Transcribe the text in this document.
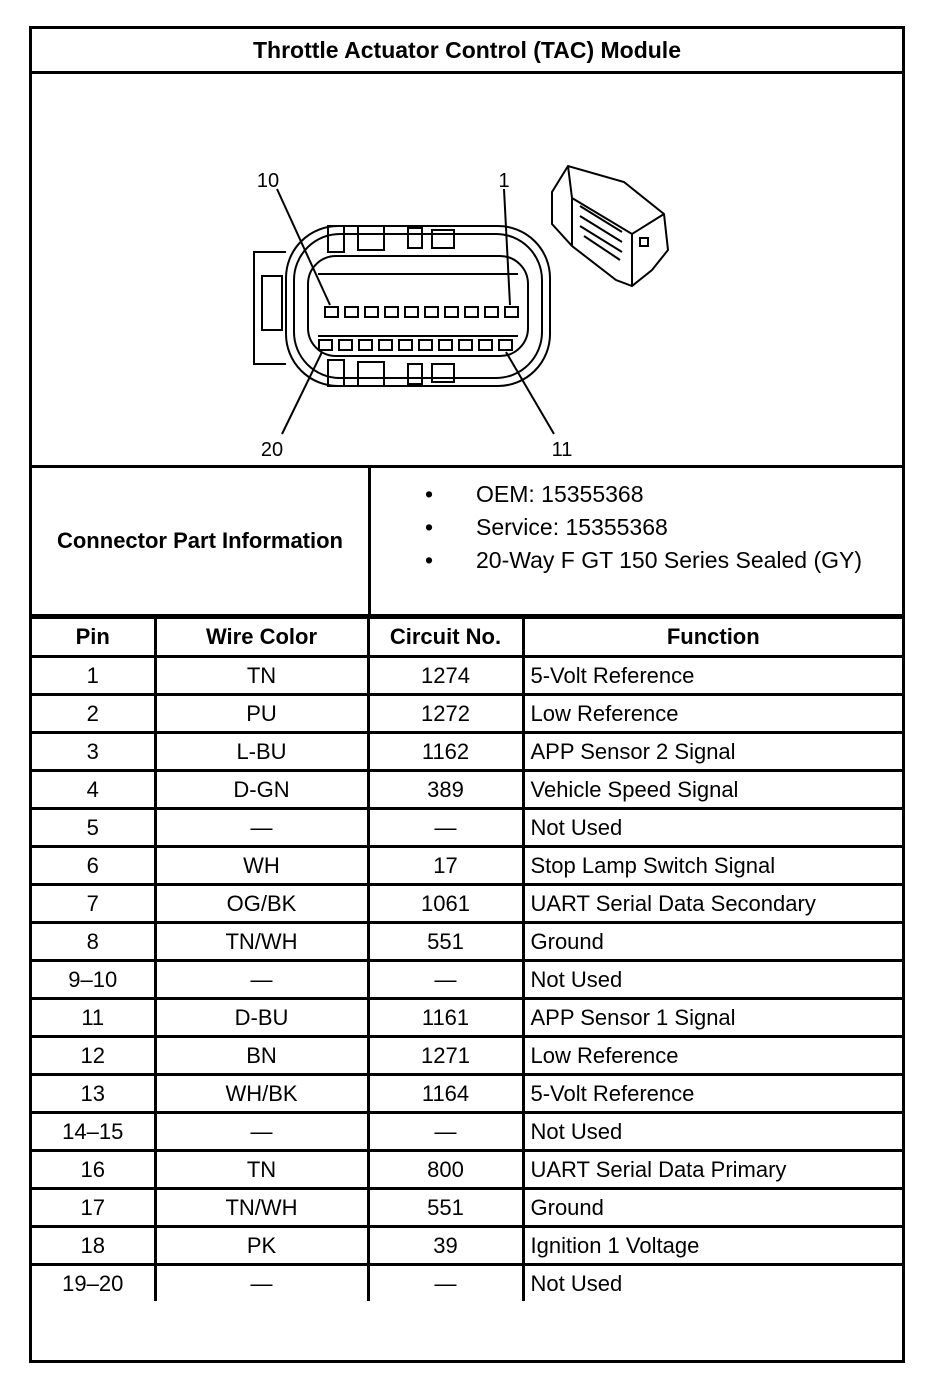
Throttle Actuator Control (TAC) Module
10	1
20	11
Connector Part Information
• OEM: 15355368
• Service: 15355368
• 20-Way F GT 150 Series Sealed (GY)
Pin	Wire Color	Circuit No.	Function
1	TN	1274	5-Volt Reference
2	PU	1272	Low Reference
3	L-BU	1162	APP Sensor 2 Signal
4	D-GN	389	Vehicle Speed Signal
5	—	—	Not Used
6	WH	17	Stop Lamp Switch Signal
7	OG/BK	1061	UART Serial Data Secondary
8	TN/WH	551	Ground
9–10	—	—	Not Used
11	D-BU	1161	APP Sensor 1 Signal
12	BN	1271	Low Reference
13	WH/BK	1164	5-Volt Reference
14–15	—	—	Not Used
16	TN	800	UART Serial Data Primary
17	TN/WH	551	Ground
18	PK	39	Ignition 1 Voltage
19–20	—	—	Not Used
